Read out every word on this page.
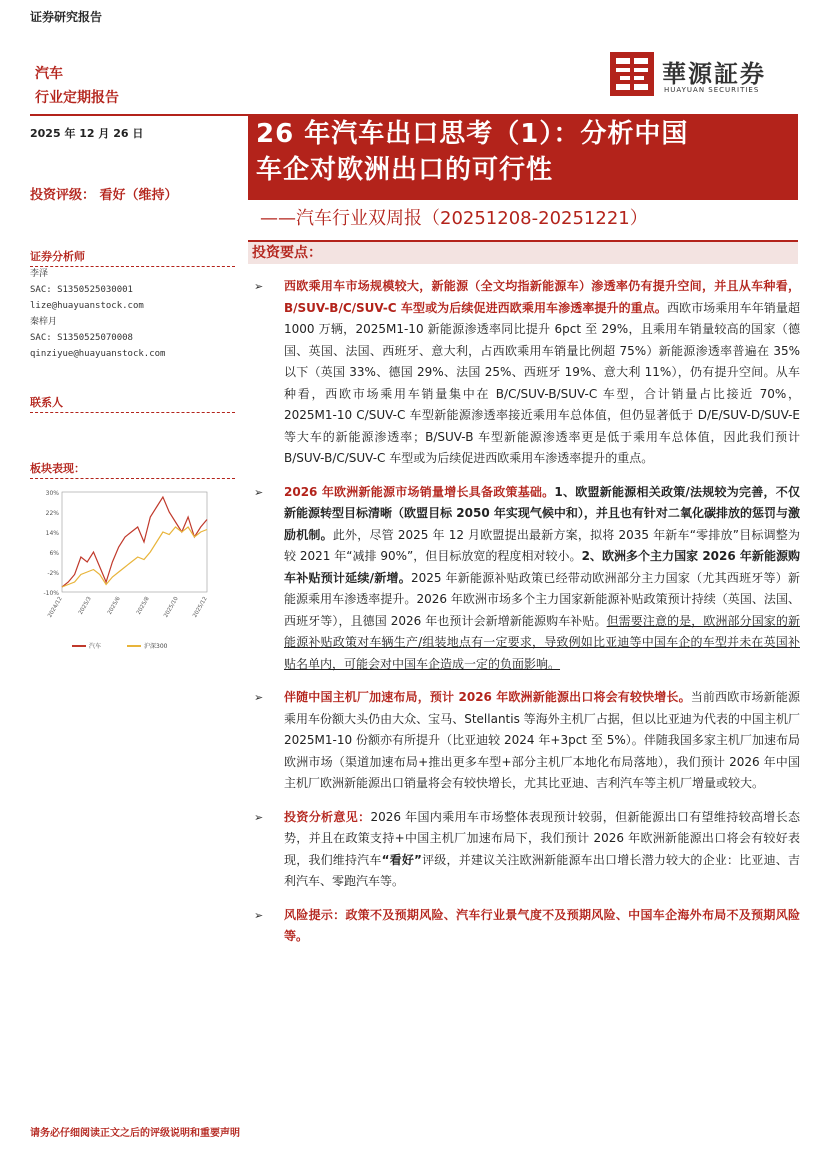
证券研究报告
汽车
行业定期报告
華源証券
HUAYUAN SECURITIES
2025 年 12 月 26 日	26 年汽车出口思考（1）：分析中国
车企对欧洲出口的可行性
——汽车行业双周报（20251208-20251221）
投资评级： 看好（维持）
证券分析师
李泽
SAC: S1350525030001
lize@huayuanstock.com
秦梓月
SAC: S1350525070008
qinziyue@huayuanstock.com
联系人
板块表现：
30%
22%
14%
6%
-2%
-10%
2024/12	2025/3	2025/6	2025/8 2025/10 2025/12
汽车	沪深300
投资要点：
➢ 西欧乘用车市场规模较大，新能源（全文均指新能源车）渗透率仍有提升空间，并且从车种看，B/SUV-B/C/SUV-C 车型或为后续促进西欧乘用车渗透率提升的重点。西欧市场乘用车年销量超 1000 万辆，2025M1-10 新能源渗透率同比提升 6pct 至 29%，且乘用车销量较高的国家（德国、英国、法国、西班牙、意大利，占西欧乘用车销量比例超 75%）新能源渗透率普遍在 35%以下（英国 33%、德国 29%、法国 25%、西班牙 19%、意大利 11%），仍有提升空间。从车种看，西欧市场乘用车销量集中在 B/C/SUV-B/SUV-C 车型，合计销量占比接近 70%，2025M1-10 C/SUV-C 车型新能源渗透率接近乘用车总体值，但仍显著低于 D/E/SUV-D/SUV-E 等大车的新能源渗透率；B/SUV-B 车型新能源渗透率更是低于乘用车总体值，因此我们预计 B/SUV-B/C/SUV-C 车型或为后续促进西欧乘用车渗透率提升的重点。
➢ 2026 年欧洲新能源市场销量增长具备政策基础。1、欧盟新能源相关政策/法规较为完善，不仅新能源转型目标清晰（欧盟目标 2050 年实现气候中和），并且也有针对二氧化碳排放的惩罚与激励机制。此外，尽管 2025 年 12 月欧盟提出最新方案，拟将 2035 年新车“零排放”目标调整为较 2021 年“减排 90%”，但目标放宽的程度相对较小。2、欧洲多个主力国家 2026 年新能源购车补贴预计延续/新增。2025 年新能源补贴政策已经带动欧洲部分主力国家（尤其西班牙等）新能源乘用车渗透率提升。2026 年欧洲市场多个主力国家新能源补贴政策预计持续（英国、法国、西班牙等），且德国 2026 年也预计会新增新能源购车补贴。但需要注意的是，欧洲部分国家的新能源补贴政策对车辆生产/组装地点有一定要求，导致例如比亚迪等中国车企的车型并未在英国补贴名单内，可能会对中国车企造成一定的负面影响。
➢ 伴随中国主机厂加速布局，预计 2026 年欧洲新能源出口将会有较快增长。当前西欧市场新能源乘用车份额大头仍由大众、宝马、Stellantis 等海外主机厂占据，但以比亚迪为代表的中国主机厂 2025M1-10 份额亦有所提升（比亚迪较 2024 年+3pct 至 5%）。伴随我国多家主机厂加速布局欧洲市场（渠道加速布局+推出更多车型+部分主机厂本地化布局落地），我们预计 2026 年中国主机厂欧洲新能源出口销量将会有较快增长，尤其比亚迪、吉利汽车等主机厂增量或较大。
➢ 投资分析意见：2026 年国内乘用车市场整体表现预计较弱，但新能源出口有望维持较高增长态势，并且在政策支持+中国主机厂加速布局下，我们预计 2026 年欧洲新能源出口将会有较好表现，我们维持汽车“看好”评级，并建议关注欧洲新能源车出口增长潜力较大的企业：比亚迪、吉利汽车、零跑汽车等。
➢ 风险提示：政策不及预期风险、汽车行业景气度不及预期风险、中国车企海外布局不及预期风险等。
请务必仔细阅读正文之后的评级说明和重要声明
